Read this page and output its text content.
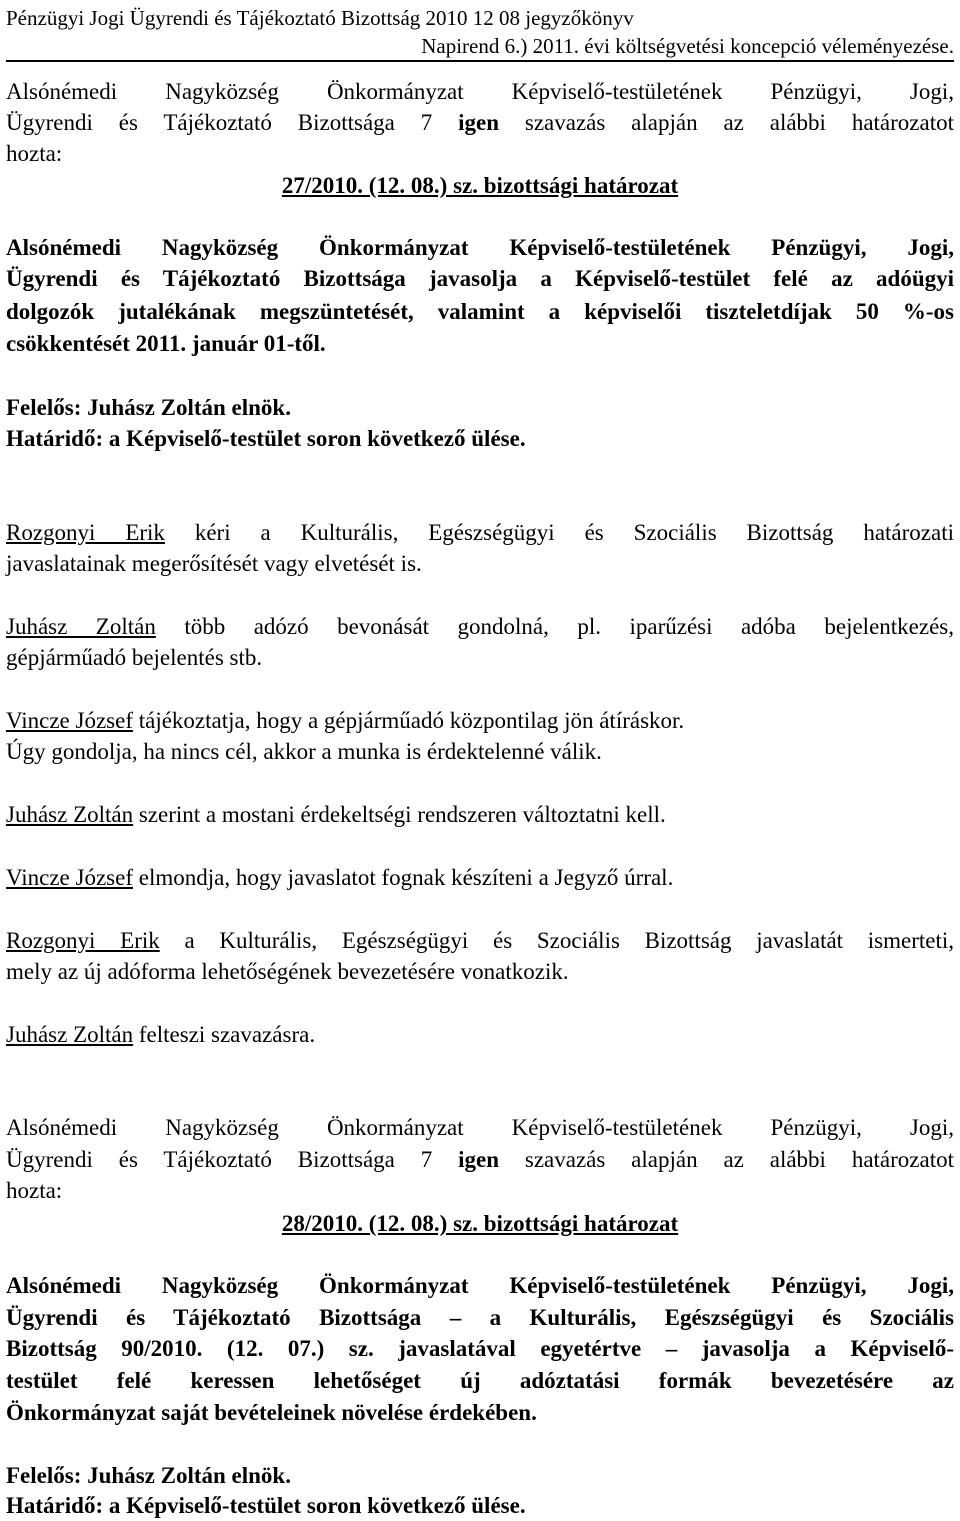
Pénzügyi Jogi Ügyrendi és Tájékoztató Bizottság 2010 12 08 jegyzőkönyv
Napirend 6.) 2011. évi költségvetési koncepció véleményezése.
Alsónémedi Nagyközség Önkormányzat Képviselő-testületének Pénzügyi, Jogi,
Ügyrendi és Tájékoztató Bizottsága 7 igen szavazás alapján az alábbi határozatot
hozta:
27/2010. (12. 08.) sz. bizottsági határozat
Alsónémedi Nagyközség Önkormányzat Képviselő-testületének Pénzügyi, Jogi,
Ügyrendi és Tájékoztató Bizottsága javasolja a Képviselő-testület felé az adóügyi
dolgozók jutalékának megszüntetését, valamint a képviselői tiszteletdíjak 50 %-os
csökkentését 2011. január 01-től.
Felelős: Juhász Zoltán elnök.
Határidő: a Képviselő-testület soron következő ülése.
Rozgonyi Erik kéri a Kulturális, Egészségügyi és Szociális Bizottság határozati
javaslatainak megerősítését vagy elvetését is.
Juhász Zoltán több adózó bevonását gondolná, pl. iparűzési adóba bejelentkezés,
gépjárműadó bejelentés stb.
Vincze József tájékoztatja, hogy a gépjárműadó központilag jön átíráskor.
Úgy gondolja, ha nincs cél, akkor a munka is érdektelenné válik.
Juhász Zoltán szerint a mostani érdekeltségi rendszeren változtatni kell.
Vincze József elmondja, hogy javaslatot fognak készíteni a Jegyző úrral.
Rozgonyi Erik a Kulturális, Egészségügyi és Szociális Bizottság javaslatát ismerteti,
mely az új adóforma lehetőségének bevezetésére vonatkozik.
Juhász Zoltán felteszi szavazásra.
Alsónémedi Nagyközség Önkormányzat Képviselő-testületének Pénzügyi, Jogi,
Ügyrendi és Tájékoztató Bizottsága 7 igen szavazás alapján az alábbi határozatot
hozta:
28/2010. (12. 08.) sz. bizottsági határozat
Alsónémedi Nagyközség Önkormányzat Képviselő-testületének Pénzügyi, Jogi,
Ügyrendi és Tájékoztató Bizottsága – a Kulturális, Egészségügyi és Szociális
Bizottság 90/2010. (12. 07.) sz. javaslatával egyetértve – javasolja a Képviselő-
testület felé keressen lehetőséget új adóztatási formák bevezetésére az
Önkormányzat saját bevételeinek növelése érdekében.
Felelős: Juhász Zoltán elnök.
Határidő: a Képviselő-testület soron következő ülése.
